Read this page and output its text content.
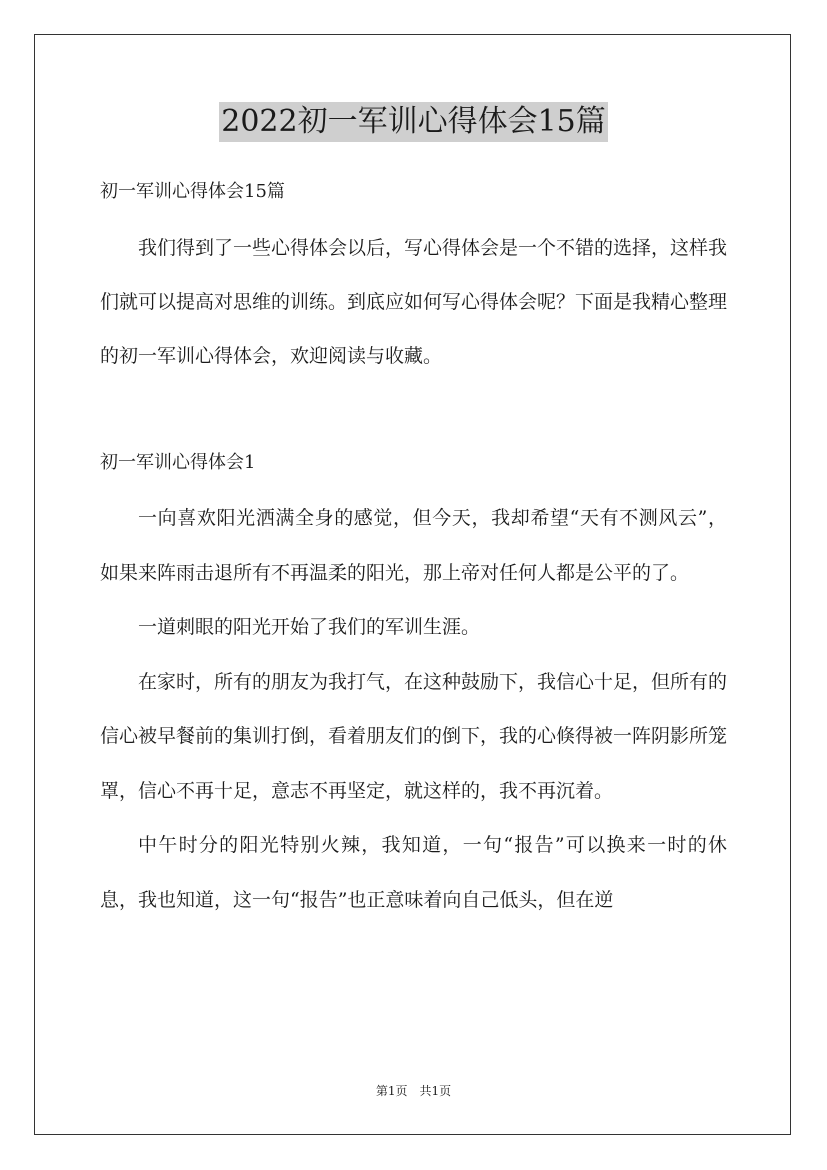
2022初一军训心得体会15篇
初一军训心得体会15篇

我们得到了一些心得体会以后，写心得体会是一个不错的选择，这样我们就可以提高对思维的训练。到底应如何写心得体会呢？下面是我精心整理的初一军训心得体会，欢迎阅读与收藏。

初一军训心得体会1

一向喜欢阳光洒满全身的感觉，但今天，我却希望“天有不测风云”，如果来阵雨击退所有不再温柔的阳光，那上帝对任何人都是公平的了。

一道刺眼的阳光开始了我们的军训生涯。

在家时，所有的朋友为我打气，在这种鼓励下，我信心十足，但所有的信心被早餐前的集训打倒，看着朋友们的倒下，我的心倏得被一阵阴影所笼罩，信心不再十足，意志不再坚定，就这样的，我不再沉着。

中午时分的阳光特别火辣，我知道，一句“报告”可以换来一时的休息，我也知道，这一句“报告”也正意味着向自己低头，但在逆

第1页　共1页
